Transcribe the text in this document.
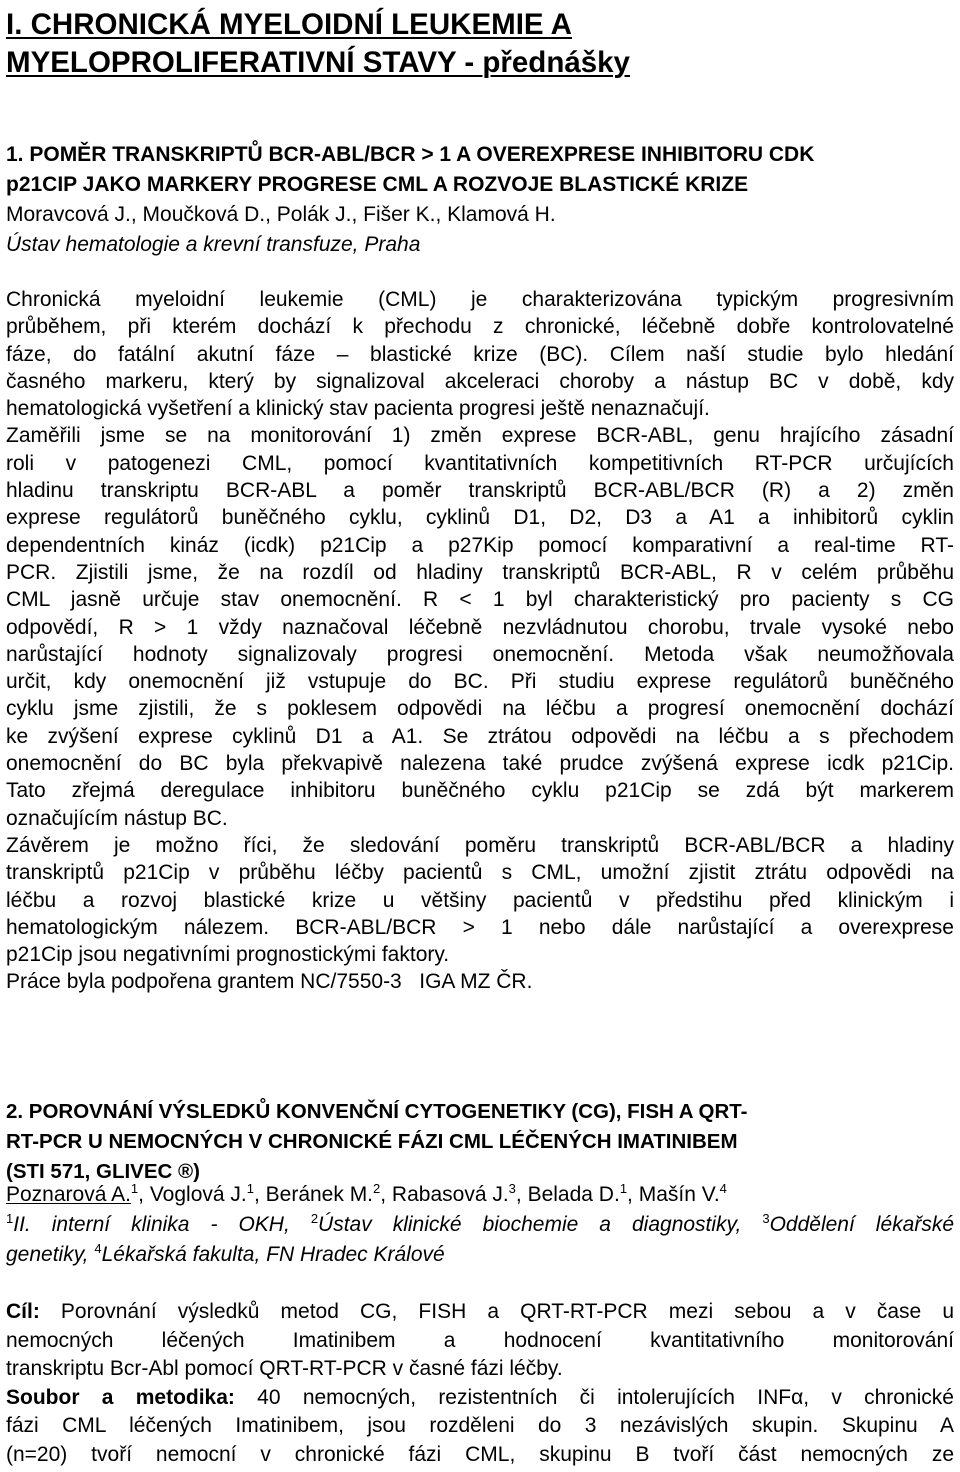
I. CHRONICKÁ MYELOIDNÍ LEUKEMIE A
MYELOPROLIFERATIVNÍ STAVY - přednášky
1. POMĚR TRANSKRIPTŮ BCR-ABL/BCR > 1 A OVEREXPRESE INHIBITORU CDK
p21CIP JAKO MARKERY PROGRESE CML A ROZVOJE BLASTICKÉ KRIZE
Moravcová J., Moučková D., Polák J., Fišer K., Klamová H.
Ústav hematologie a krevní transfuze, Praha
Chronická myeloidní leukemie (CML) je charakterizována typickým progresivním
průběhem, při kterém dochází k přechodu z chronické, léčebně dobře kontrolovatelné
fáze, do fatální akutní fáze – blastické krize (BC). Cílem naší studie bylo hledání
časného markeru, který by signalizoval akceleraci choroby a nástup BC v době, kdy
hematologická vyšetření a klinický stav pacienta progresi ještě nenaznačují.
Zaměřili jsme se na monitorování 1) změn exprese BCR-ABL, genu hrajícího zásadní
roli v patogenezi CML, pomocí kvantitativních kompetitivních RT-PCR určujících
hladinu transkriptu BCR-ABL a poměr transkriptů BCR-ABL/BCR (R) a 2) změn
exprese regulátorů buněčného cyklu, cyklinů D1, D2, D3 a A1 a inhibitorů cyklin
dependentních kináz (icdk) p21Cip a p27Kip pomocí komparativní a real-time RT-
PCR. Zjistili jsme, že na rozdíl od hladiny transkriptů BCR-ABL, R v celém průběhu
CML jasně určuje stav onemocnění. R < 1 byl charakteristický pro pacienty s CG
odpovědí, R > 1 vždy naznačoval léčebně nezvládnutou chorobu, trvale vysoké nebo
narůstající hodnoty signalizovaly progresi onemocnění. Metoda však neumožňovala
určit, kdy onemocnění již vstupuje do BC. Při studiu exprese regulátorů buněčného
cyklu jsme zjistili, že s poklesem odpovědi na léčbu a progresí onemocnění dochází
ke zvýšení exprese cyklinů D1 a A1. Se ztrátou odpovědi na léčbu a s přechodem
onemocnění do BC byla překvapivě nalezena také prudce zvýšená exprese icdk p21Cip.
Tato zřejmá deregulace inhibitoru buněčného cyklu p21Cip se zdá být markerem
označujícím nástup BC.
Závěrem je možno říci, že sledování poměru transkriptů BCR-ABL/BCR a hladiny
transkriptů p21Cip v průběhu léčby pacientů s CML, umožní zjistit ztrátu odpovědi na
léčbu a rozvoj blastické krize u většiny pacientů v předstihu před klinickým i
hematologickým nálezem. BCR-ABL/BCR > 1 nebo dále narůstající a overexprese
p21Cip jsou negativními prognostickými faktory.
Práce byla podpořena grantem NC/7550-3   IGA MZ ČR.
2. POROVNÁNÍ VÝSLEDKŮ KONVENČNÍ CYTOGENETIKY (CG), FISH A QRT-
RT-PCR U NEMOCNÝCH V CHRONICKÉ FÁZI CML LÉČENÝCH IMATINIBEM
(STI 571, GLIVEC ®)
Poznarová A.$^1$, Voglová J.$^1$, Beránek M.$^2$, Rabasová J.$^3$, Belada D.$^1$, Mašín V.$^4$
$^1$II. interní klinika - OKH, $^2$Ústav klinické biochemie a diagnostiky, $^3$Oddělení lékařské
genetiky, $^4$Lékařská fakulta, FN Hradec Králové
Cíl: Porovnání výsledků metod CG, FISH a QRT-RT-PCR mezi sebou a v čase u
nemocných léčených Imatinibem a hodnocení kvantitativního monitorování
transkriptu Bcr-Abl pomocí QRT-RT-PCR v časné fázi léčby.
Soubor a metodika: 40 nemocných, rezistentních či intolerujících INFα, v chronické
fázi CML léčených Imatinibem, jsou rozděleni do 3 nezávislých skupin. Skupinu A
(n=20) tvoří nemocní v chronické fázi CML, skupinu B tvoří část nemocných ze
